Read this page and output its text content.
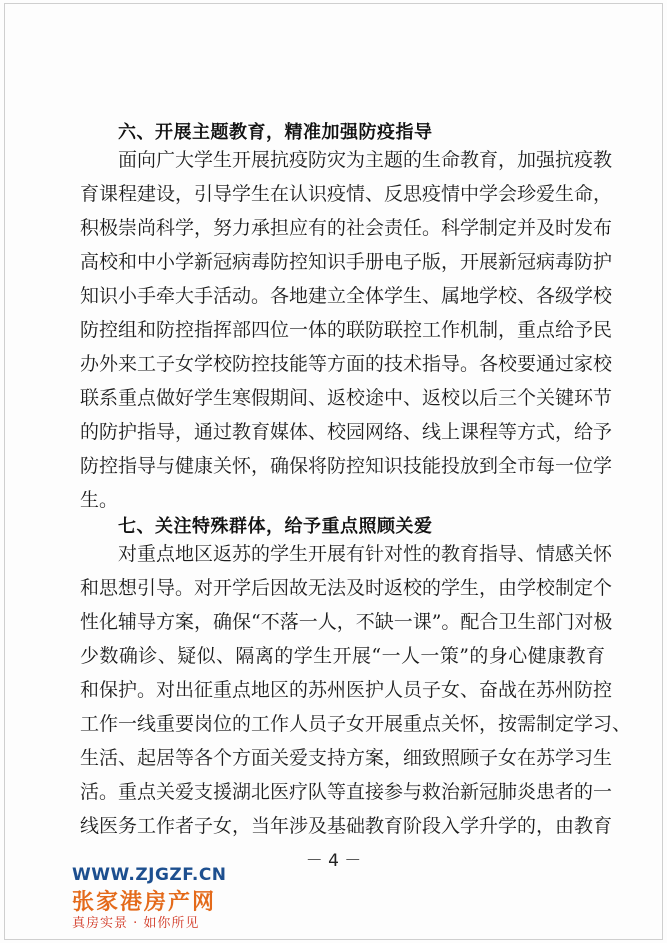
六、开展主题教育，精准加强防疫指导
面向广大学生开展抗疫防灾为主题的生命教育，加强抗疫教
育课程建设，引导学生在认识疫情、反思疫情中学会珍爱生命，
积极崇尚科学，努力承担应有的社会责任。科学制定并及时发布
高校和中小学新冠病毒防控知识手册电子版，开展新冠病毒防护
知识小手牵大手活动。各地建立全体学生、属地学校、各级学校
防控组和防控指挥部四位一体的联防联控工作机制，重点给予民
办外来工子女学校防控技能等方面的技术指导。各校要通过家校
联系重点做好学生寒假期间、返校途中、返校以后三个关键环节
的防护指导，通过教育媒体、校园网络、线上课程等方式，给予
防控指导与健康关怀，确保将防控知识技能投放到全市每一位学
生。
七、关注特殊群体，给予重点照顾关爱
对重点地区返苏的学生开展有针对性的教育指导、情感关怀
和思想引导。对开学后因故无法及时返校的学生，由学校制定个
性化辅导方案，确保“不落一人，不缺一课”。配合卫生部门对极
少数确诊、疑似、隔离的学生开展“一人一策”的身心健康教育
和保护。对出征重点地区的苏州医护人员子女、奋战在苏州防控
工作一线重要岗位的工作人员子女开展重点关怀，按需制定学习、
生活、起居等各个方面关爱支持方案，细致照顾子女在苏学习生
活。重点关爱支援湖北医疗队等直接参与救治新冠肺炎患者的一
线医务工作者子女，当年涉及基础教育阶段入学升学的，由教育
－ 4 －
WWW.ZJGZF.CN
张家港房产网
真房实景 · 如你所见
